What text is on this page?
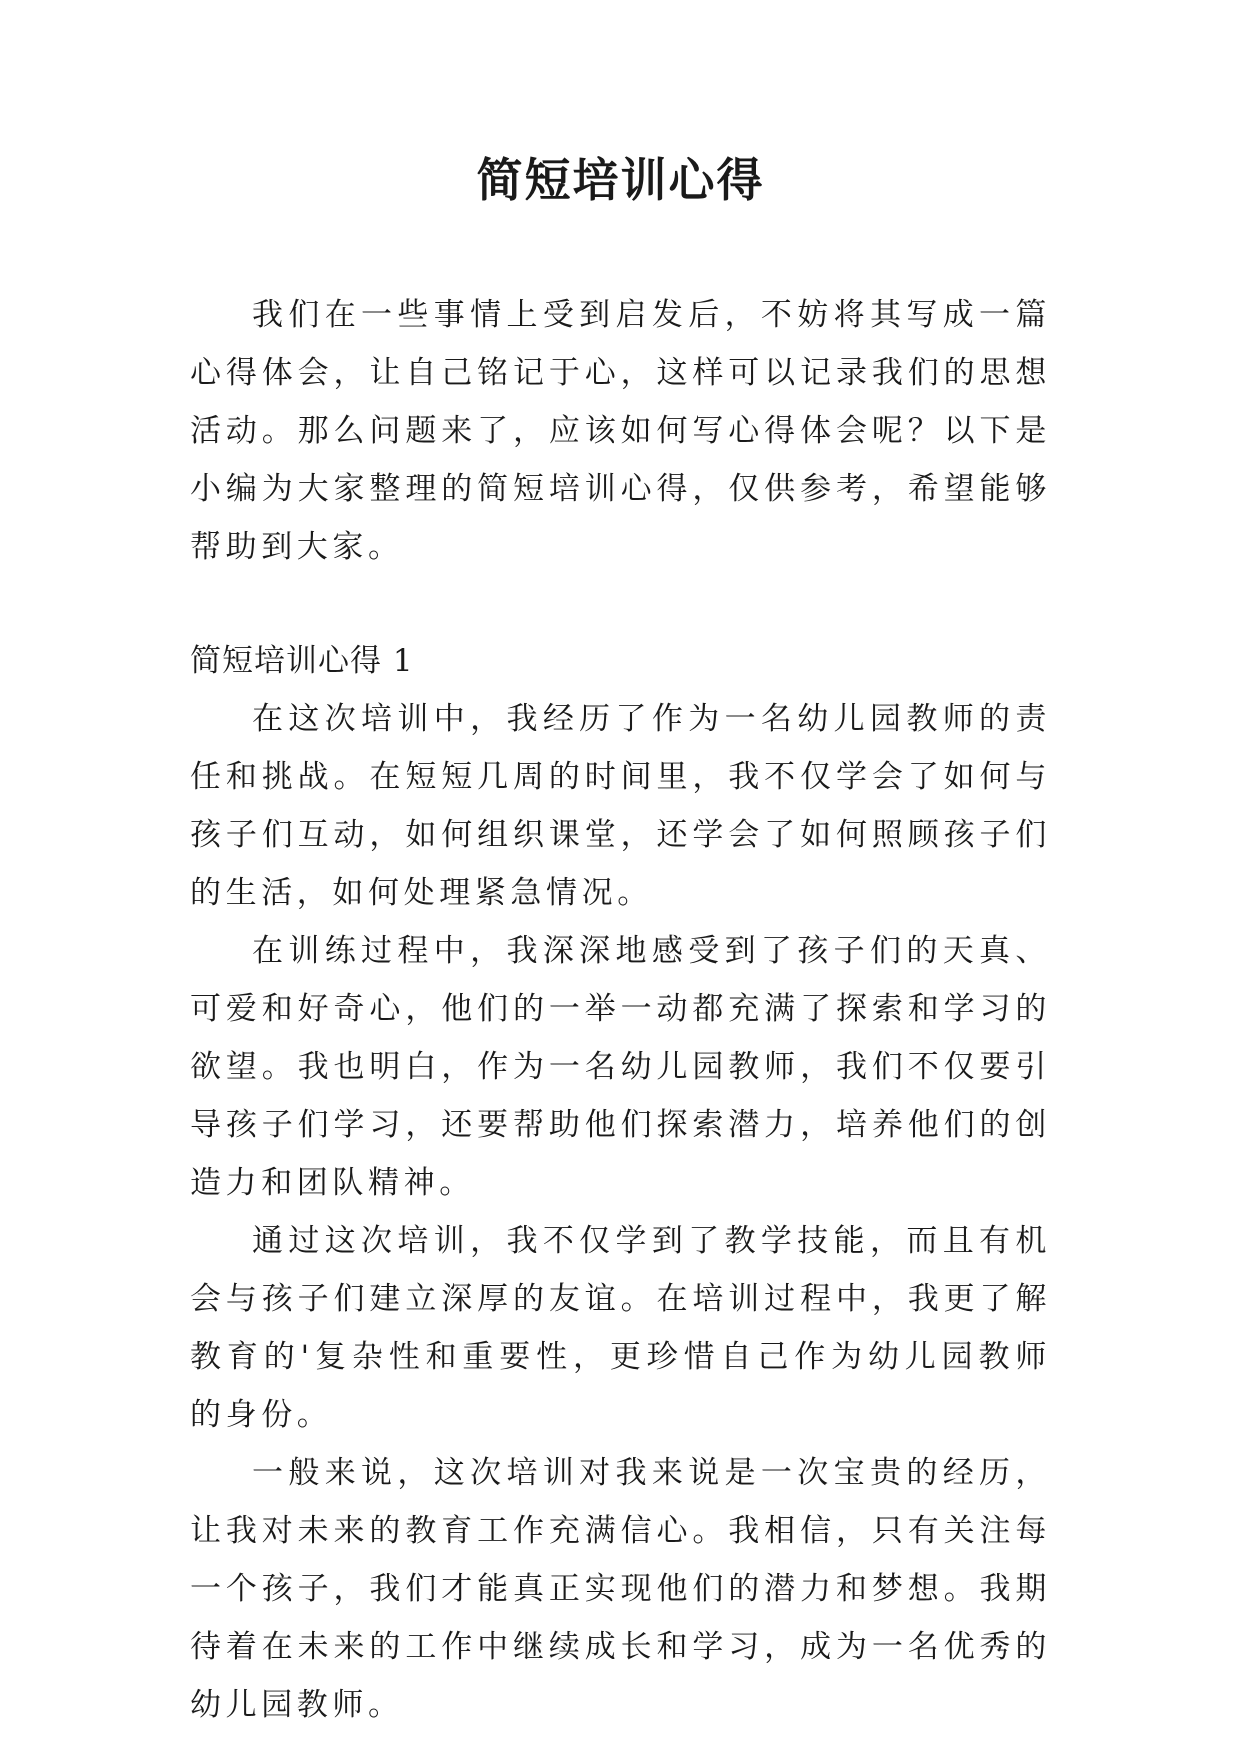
简短培训心得

我们在一些事情上受到启发后，不妨将其写成一篇心得体会，让自己铭记于心，这样可以记录我们的思想活动。那么问题来了，应该如何写心得体会呢？以下是小编为大家整理的简短培训心得，仅供参考，希望能够帮助到大家。

简短培训心得 1

在这次培训中，我经历了作为一名幼儿园教师的责任和挑战。在短短几周的时间里，我不仅学会了如何与孩子们互动，如何组织课堂，还学会了如何照顾孩子们的生活，如何处理紧急情况。

在训练过程中，我深深地感受到了孩子们的天真、可爱和好奇心，他们的一举一动都充满了探索和学习的欲望。我也明白，作为一名幼儿园教师，我们不仅要引导孩子们学习，还要帮助他们探索潜力，培养他们的创造力和团队精神。

通过这次培训，我不仅学到了教学技能，而且有机会与孩子们建立深厚的友谊。在培训过程中，我更了解教育的'复杂性和重要性，更珍惜自己作为幼儿园教师的身份。

一般来说，这次培训对我来说是一次宝贵的经历，让我对未来的教育工作充满信心。我相信，只有关注每一个孩子，我们才能真正实现他们的潜力和梦想。我期待着在未来的工作中继续成长和学习，成为一名优秀的幼儿园教师。
